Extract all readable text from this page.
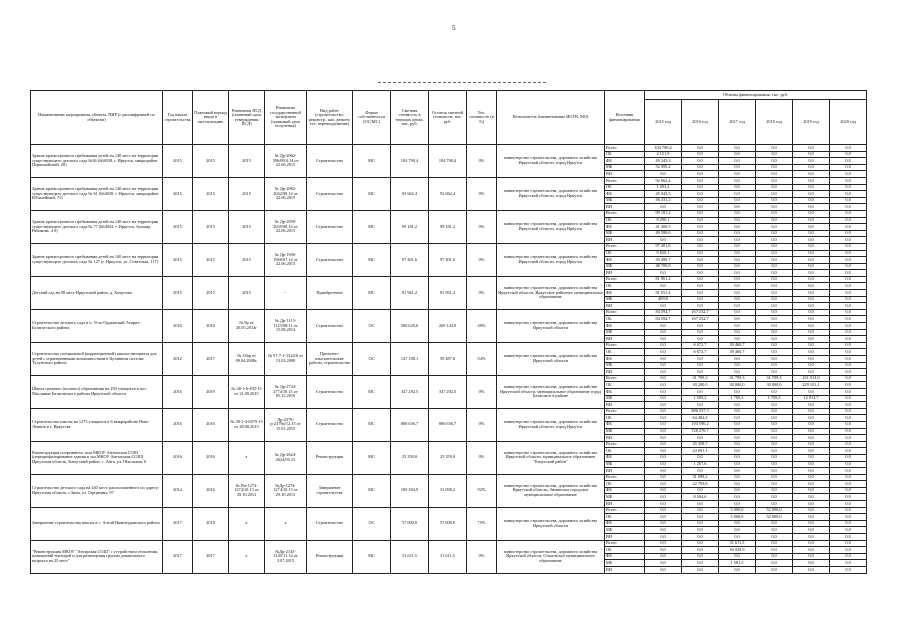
5
Наименование мероприятия, объекта, ПИР (с расшифровкой по объектам)	Год начала строительства	Плановый период ввода в эксплуатацию	Реквизиты ПСД (плановый срок утверждения ПСД)	Реквизиты государственной экспертизы (плановый срок получения)	Вид работ (строительство, реконстр., кап. ремонт, тех. перевооружение)	Форма собственности (ОС/МС)	Сметная стоимость в текущих ценах, тыс. руб.	Остаток сметной стоимости, тыс. руб.	Тех. готовность (в %)	Исполнитель (наименование ИОГВ, МО)	Источник финансирования	Объемы финансирования, тыс. руб.					
												2015 год	2016 год	2017 год	2018 год	2019 год	2020 год
Здание краткосрочного пребывания детей на 140 мест на территории существующего детского сада №36 (664038, г. Иркутск, микрорайон Первомайский, 20)	2015	2015	2015	№ Др-2062-306/09/4.14 от 22.06.2015	Строительство	МС	104 790,4	104 790,4	0%	министерство строительства, дорожного хозяйства Иркутской области, город Иркутск	Всего	104 790,4	0,0	0,0	0,0	0,0	0,0
											ОБ	2 151,9	0,0	0,0	0,0	0,0	0,0
											ФБ	49 243,3	0,0	0,0	0,0	0,0	0,0
											МБ	52 395,2	0,0	0,0	0,0	0,0	0,0
											ВИ	0,0	0,0	0,0	0,0	0,0	0,0
Здание краткосрочного пребывания детей на 140 мест на территории существующего детского сада № 61 (664039, г. Иркутск, микрорайон Юбилейный, 71)	2015	2015	2015	№ Др-2062-2042/08.14 от 22.06.2015	Строительство	МС	92 662,4	92 662,4	0%	министерство строительства, дорожного хозяйства Иркутской области, город Иркутск	Всего	92 662,4	0,0	0,0	0,0	0,0	0,0
											ОБ	1 203,2	0,0	0,0	0,0	0,0	0,0
											ФБ	45 043,3	0,0	0,0	0,0	0,0	0,0
											МБ	46 331,2	0,0	0,0	0,0	0,0	0,0
											ВИ	0,0	0,0	0,0	0,0	0,0	0,0
Здание краткосрочного пребывания детей на 140 мест на территории существующего детского сада № 77 (664043, г. Иркутск, бульвар Рябикова, 4 б)	2015	2015	2015	№ Др-2059-2035/08.14 от 22.06.2015	Строительство	МС	99 181,2	99 181,2	0%	министерство строительства, дорожного хозяйства Иркутской области, город Иркутск	Всего	99 181,2	0,0	0,0	0,0	0,0	0,0
											ОБ	8 290,1	0,0	0,0	0,0	0,0	0,0
											ФБ	41 300,5	0,0	0,0	0,0	0,0	0,0
											МБ	49 590,6	0,0	0,0	0,0	0,0	0,0
											ВИ	0,0	0,0	0,0	0,0	0,0	0,0
Здание краткосрочного пребывания детей на 140 мест на территории существующего детского сада № 127 (г. Иркутск, ул. Советская, 117)	2015	2015	2015	№ Др-1956-1966/07.14 от 22.06.2015	Строительство	МС	97 401,6	97 401,6	0%	министерство строительства, дорожного хозяйства Иркутской области, город Иркутск	Всего	97 401,6	0,0	0,0	0,0	0,0	0,0
											ОБ	9 820,1	0,0	0,0	0,0	0,0	0,0
											ФБ	39 490,7	0,0	0,0	0,0	0,0	0,0
											МБ	48 700,8	0,0	0,0	0,0	0,0	0,0
											ВИ	0,0	0,0	0,0	0,0	0,0	0,0
Детский сад на 98 мест Иркутский район, д. Хомутово	2015	2015	2015	-	Приобретение	МС	81 961,2	81 961,2	0%	министерство строительства, дорожного хозяйства Иркутской области, Иркутское районное муниципальное образование	Всего	81 961,2	0,0	0,0	0,0	0,0	0,0
											ОБ	0,0	0,0	0,0	0,0	0,0	0,0
											ФБ	81 551,4	0,0	0,0	0,0	0,0	0,0
											МБ	409,8	0,0	0,0	0,0	0,0	0,0
											ВИ	0,0	0,0	0,0	0,0	0,0	0,0
Строительство детского сада в п. Усть-Ордынский Эхирит-Булагатского района	2016	2016	№ 9р от 20.05.2014г	№ Др-1113-1115/08/11 от 15.08.2014	Строительство	ОС	586 620,6	269 144,9	49%	министерство строительства, дорожного хозяйства Иркутской области	Всего	84 594,7	167 232,7	0,0	0,0	0,0	0,0
											ОБ	84 594,7	167 232,7	0,0	0,0	0,0	0,0
											ФБ	0,0	0,0	0,0	0,0	0,0	0,0
											МБ	0,0	0,0	0,0	0,0	0,0	0,0
											ВИ	0,0	0,0	0,0	0,0	0,0	0,0
Строительство специальной (коррекционной) школы-интерната для детей с ограниченными возможностями в Целинном поселке Тулунского района	2012	2017	№ 336р от 09.04.2008г.	№ 97-7-1-1324/8 от 13.03.2008	Проектно-изыскательские работы, строительство	ОС	147 108,1	59 487,6	54%	министерство строительства, дорожного хозяйства Иркутской области	Всего	0,0	6 672,7	39 460,7	0,0	0,0	0,0
											ОБ	0,0	6 672,7	39 460,7	0,0	0,0	0,0
											ФБ	0,0	0,0	0,0	0,0	0,0	0,0
											МБ	0,0	0,0	0,0	0,0	0,0	0,0
											ВИ	0,0	0,0	0,0	0,0	0,0	0,0
Школа среднего (полного) образования на 250 учащихся в пос. Масляные Балаганского района Иркутской области	2016	2019	№ 38-1-6-492-15 от 21.09.2015	№ Др-2734-2774/10.15 от 05.12.2016	Строительство	МС	347 292,5	347 292,5	0%	министерство строительства, дорожного хозяйства Иркутской области, муниципальное образование город Балаганск в районе	Всего	0,0	31 709,3	31 709,3	31 709,3	231 914,0	0,0
											ОБ	0,0	30 200,0	30 000,0	30 000,0	229 101,1	0,0
											ФБ	0,0	0,0	0,0	0,0	0,0	0,0
											МБ	0,0	1 509,2	1 709,3	1 709,3	12 812,7	0,0
											ВИ	0,0	0,0	0,0	0,0	0,0	0,0
Строительство школы на 1275 учащихся в 6 микрорайоне Ново-Ленино в г. Иркутске	2016	2016	№ 38-1-4-0479-15 от 28.08.2015	Др-2379/р-2379р/12.15 от 15.01.2015	Строительство	МС	886 656,7	886 656,7	0%	министерство строительства, дорожного хозяйства Иркутской области, город Иркутск	Всего	0,0	886 557,3	0,0	0,0	0,0	0,0
											ОБ	0,0	64 484,2	0,0	0,0	0,0	0,0
											ФБ	0,0	193 596,2	0,0	0,0	0,0	0,0
											МБ	0,0	728 276,7	0,0	0,0	0,0	0,0
											ВИ	0,0	0,0	0,0	0,0	0,0	0,0
Реконструкция спортивного зала МКОУ Антыхская СОШ (перепрофилирование здания в зал МКОУ Антыхская СОШ) Иркутская область, Качугский район, с. Анга, ул. Школьная, 6	2016	2016	х	№ Др-2624-2624/05.15	Реконструкция	МС	25 359,0	25 359,0	0%	министерство строительства, дорожного хозяйства Иркутской области, муниципальное образование "Качугский район"	Всего	0,0	25 358,7	0,0	0,0	0,0	0,0
											ОБ	0,0	24 091,1	0,0	0,0	0,0	0,0
											ФБ	0,0	0,0	0,0	0,0	0,0	0,0
											МБ	0,0	1 267,6	0,0	0,0	0,0	0,0
											ВИ	0,0	0,0	0,0	0,0	0,0	0,0
Строительство детского сада на 240 мест, расположенного по адресу: Иркутская область, г.Зима, ул. Герцизина, 97	2014	2016	№ Пп-1274-1274/10.13 от 29.10.2013	№Др-1274-1274/10.13 от 29.10.2013	Завершение строительства	МС	180 304,9	31 098,2	92%	министерство строительства, дорожного хозяйства Иркутской области, Зиминское городское муниципальное образование	Всего	0,0	31 098,2	0,0	0,0	0,0	0,0
											ОБ	0,0	22 793,6	0,0	0,0	0,0	0,0
											ФБ	0,0	0,0	0,0	0,0	0,0	0,0
											МБ	0,0	8 304,6	0,0	0,0	0,0	0,0
											ВИ	0,0	0,0	0,0	0,0	0,0	0,0
Завершение строительства школы в с. Алтай Нижнеудинского района	2017	2018	х	х	Строительство	ОС	57 000,0	57 000,0	75%	министерство строительства, дорожного хозяйства Иркутской области	Всего	0,0	0,0	5 000,0	52 000,0	0,0	0,0
											ОБ	0,0	0,0	5 000,0	52 000,0	0,0	0,0
											ФБ	0,0	0,0	0,0	0,0	0,0	0,0
											МБ	0,0	0,0	0,0	0,0	0,0	0,0
											ВИ	0,0	0,0	0,0	0,0	0,0	0,0
"Реконструкция МКОУ "Ангарская СОШ" с устройством отопления, помещений теплицей и для размещения группы дошкольного возраста на 25 мест"	2017	2017	х	№Др-2145-2145/11.14 от 3.07.2015	Реконструкция	МС	31 611,5	31 611,5	0%	министерство строительства, дорожного хозяйства Иркутской области, Ольхонское муниципальное образование	Всего	0,0	0,0	31 611,5	0,0	0,0	0,0
											ОБ	0,0	0,0	30 029,9	0,0	0,0	0,0
											ФБ	0,0	0,0	0,0	0,0	0,0	0,0
											МБ	0,0	0,0	1 581,5	0,0	0,0	0,0
											ВИ	0,0	0,0	0,0	0,0	0,0	0,0
